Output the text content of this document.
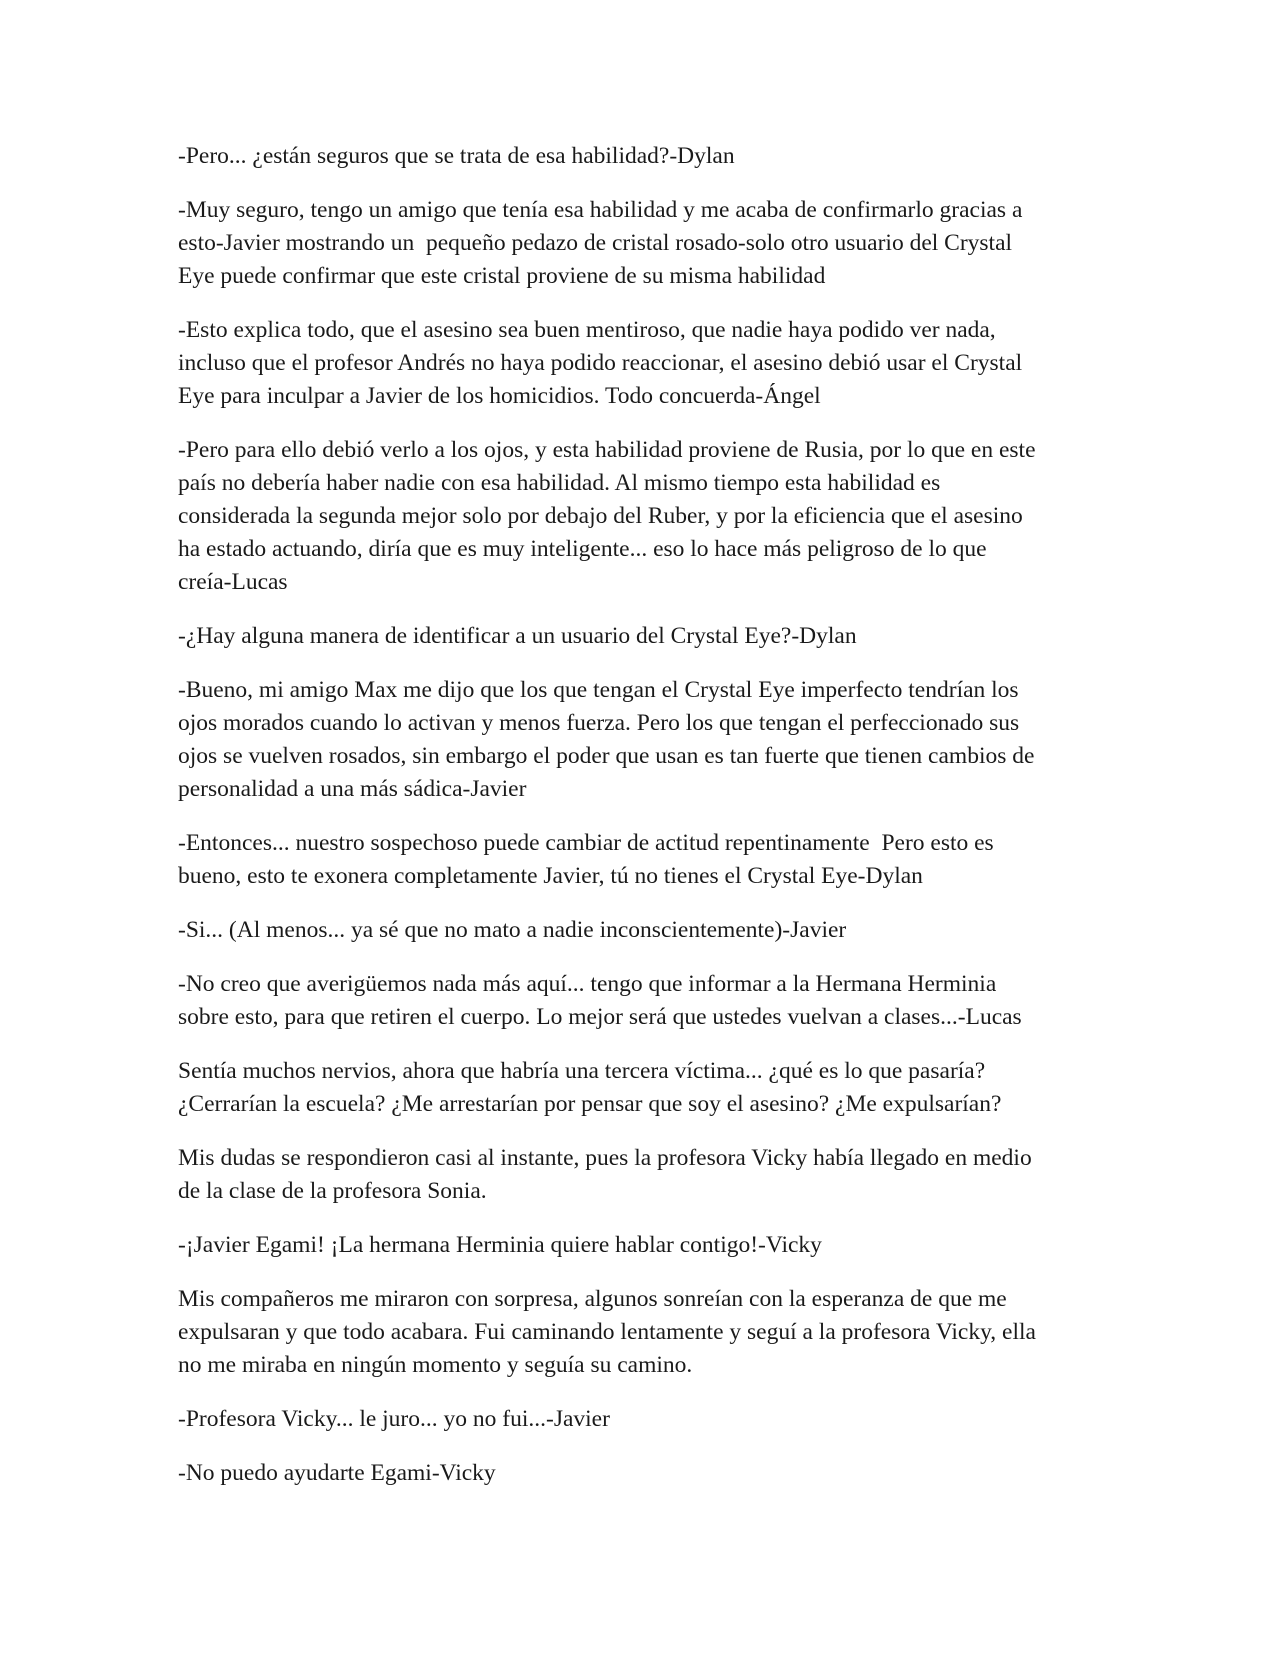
-Pero... ¿están seguros que se trata de esa habilidad?-Dylan

-Muy seguro, tengo un amigo que tenía esa habilidad y me acaba de confirmarlo gracias a
esto-Javier mostrando un  pequeño pedazo de cristal rosado-solo otro usuario del Crystal
Eye puede confirmar que este cristal proviene de su misma habilidad

-Esto explica todo, que el asesino sea buen mentiroso, que nadie haya podido ver nada,
incluso que el profesor Andrés no haya podido reaccionar, el asesino debió usar el Crystal
Eye para inculpar a Javier de los homicidios. Todo concuerda-Ángel

-Pero para ello debió verlo a los ojos, y esta habilidad proviene de Rusia, por lo que en este
país no debería haber nadie con esa habilidad. Al mismo tiempo esta habilidad es
considerada la segunda mejor solo por debajo del Ruber, y por la eficiencia que el asesino
ha estado actuando, diría que es muy inteligente... eso lo hace más peligroso de lo que
creía-Lucas

-¿Hay alguna manera de identificar a un usuario del Crystal Eye?-Dylan

-Bueno, mi amigo Max me dijo que los que tengan el Crystal Eye imperfecto tendrían los
ojos morados cuando lo activan y menos fuerza. Pero los que tengan el perfeccionado sus
ojos se vuelven rosados, sin embargo el poder que usan es tan fuerte que tienen cambios de
personalidad a una más sádica-Javier

-Entonces... nuestro sospechoso puede cambiar de actitud repentinamente  Pero esto es
bueno, esto te exonera completamente Javier, tú no tienes el Crystal Eye-Dylan

-Si... (Al menos... ya sé que no mato a nadie inconscientemente)-Javier

-No creo que averigüemos nada más aquí... tengo que informar a la Hermana Herminia
sobre esto, para que retiren el cuerpo. Lo mejor será que ustedes vuelvan a clases...-Lucas

Sentía muchos nervios, ahora que habría una tercera víctima... ¿qué es lo que pasaría?
¿Cerrarían la escuela? ¿Me arrestarían por pensar que soy el asesino? ¿Me expulsarían?

Mis dudas se respondieron casi al instante, pues la profesora Vicky había llegado en medio
de la clase de la profesora Sonia.

-¡Javier Egami! ¡La hermana Herminia quiere hablar contigo!-Vicky

Mis compañeros me miraron con sorpresa, algunos sonreían con la esperanza de que me
expulsaran y que todo acabara. Fui caminando lentamente y seguí a la profesora Vicky, ella
no me miraba en ningún momento y seguía su camino.

-Profesora Vicky... le juro... yo no fui...-Javier

-No puedo ayudarte Egami-Vicky
